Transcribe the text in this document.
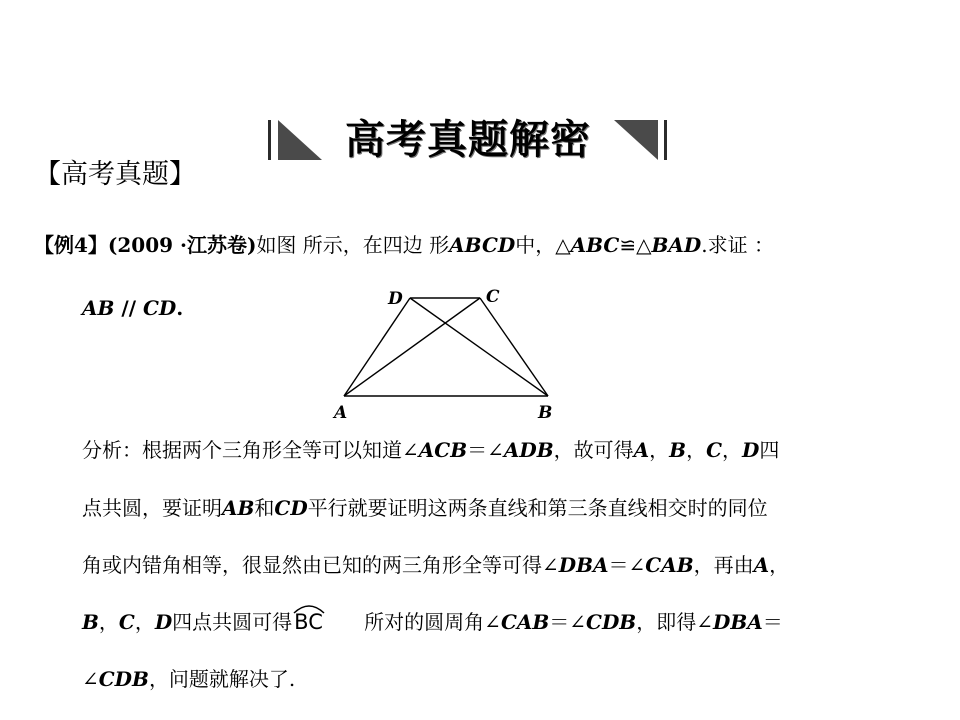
高考真题解密
【高考真题】
【例4】(2009 ·江苏卷)如图 所示，在四边 形ABCD中，△ABC≌△BAD.求证 ：
AB // CD.	D	C
A	B
分析：根据两个三角形全等可以知道∠ACB＝∠ADB，故可得A，B，C，D四
点共圆，要证明AB和CD平行就要证明这两条直线和第三条直线相交时的同位
角或内错角相等，很显然由已知的两三角形全等可得∠DBA＝∠CAB，再由A，
B，C，D四点共圆可得
BC 所对的圆周角∠CAB＝∠CDB，即得∠DBA＝
∠CDB，问题就解决了.
